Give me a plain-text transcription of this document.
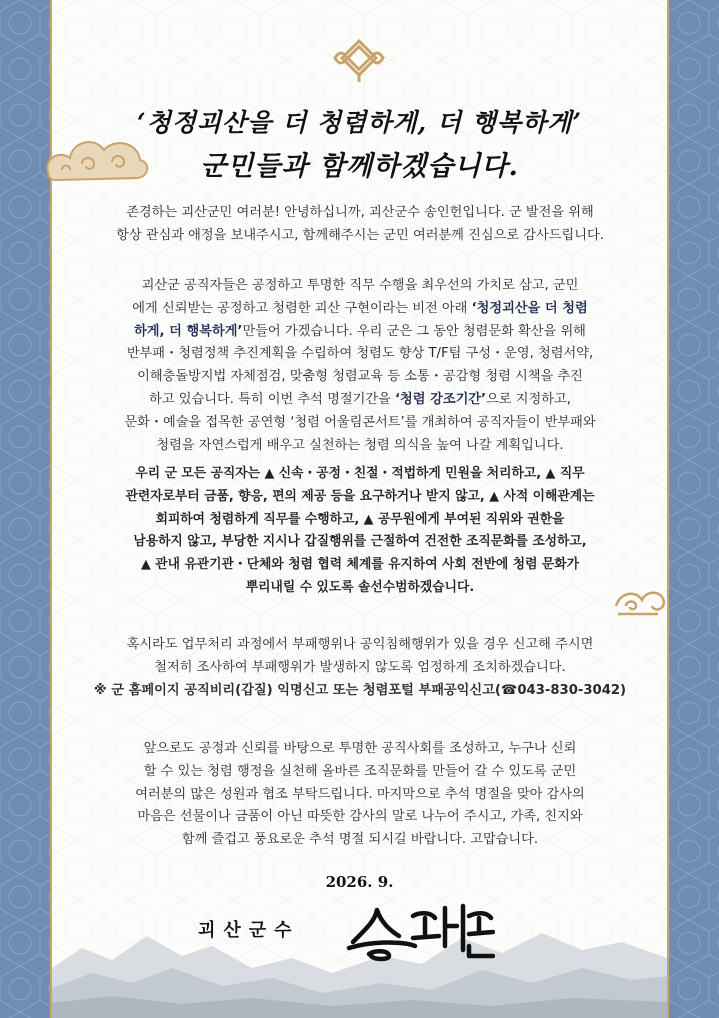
‘청정괴산을 더 청렴하게, 더 행복하게’
군민들과 함께하겠습니다.
존경하는 괴산군민 여러분! 안녕하십니까, 괴산군수 송인헌입니다. 군 발전을 위해
항상 관심과 애정을 보내주시고, 함께해주시는 군민 여러분께 진심으로 감사드립니다.
괴산군 공직자들은 공정하고 투명한 직무 수행을 최우선의 가치로 삼고, 군민
에게 신뢰받는 공정하고 청렴한 괴산 구현이라는 비전 아래 ‘청정괴산을 더 청렴
하게, 더 행복하게’만들어 가겠습니다. 우리 군은 그 동안 청렴문화 확산을 위해
반부패・청렴정책 추진계획을 수립하여 청렴도 향상 T/F팀 구성・운영, 청렴서약,
이해충돌방지법 자체점검, 맞춤형 청렴교육 등 소통・공감형 청렴 시책을 추진
하고 있습니다. 특히 이번 추석 명절기간을 ‘청렴 강조기간’으로 지정하고,
문화・예술을 접목한 공연형 ‘청렴 어울림콘서트’를 개최하여 공직자들이 반부패와
청렴을 자연스럽게 배우고 실천하는 청렴 의식을 높여 나갈 계획입니다.
우리 군 모든 공직자는 ▲ 신속・공정・친절・적법하게 민원을 처리하고, ▲ 직무
관련자로부터 금품, 향응, 편의 제공 등을 요구하거나 받지 않고, ▲ 사적 이해관계는
회피하여 청렴하게 직무를 수행하고, ▲ 공무원에게 부여된 직위와 권한을
남용하지 않고, 부당한 지시나 갑질행위를 근절하여 건전한 조직문화를 조성하고,
▲ 관내 유관기관・단체와 청렴 협력 체계를 유지하여 사회 전반에 청렴 문화가
뿌리내릴 수 있도록 솔선수범하겠습니다.
혹시라도 업무처리 과정에서 부패행위나 공익침해행위가 있을 경우 신고해 주시면
철저히 조사하여 부패행위가 발생하지 않도록 엄정하게 조치하겠습니다.
※ 군 홈페이지 공직비리(갑질) 익명신고 또는 청렴포털 부패공익신고(☎043-830-3042)
앞으로도 공정과 신뢰를 바탕으로 투명한 공직사회를 조성하고, 누구나 신뢰
할 수 있는 청렴 행정을 실천해 올바른 조직문화를 만들어 갈 수 있도록 군민
여러분의 많은 성원과 협조 부탁드립니다. 마지막으로 추석 명절을 맞아 감사의
마음은 선물이나 금품이 아닌 따뜻한 감사의 말로 나누어 주시고, 가족, 친지와
함께 즐겁고 풍요로운 추석 명절 되시길 바랍니다. 고맙습니다.
2026. 9.
괴산군수
